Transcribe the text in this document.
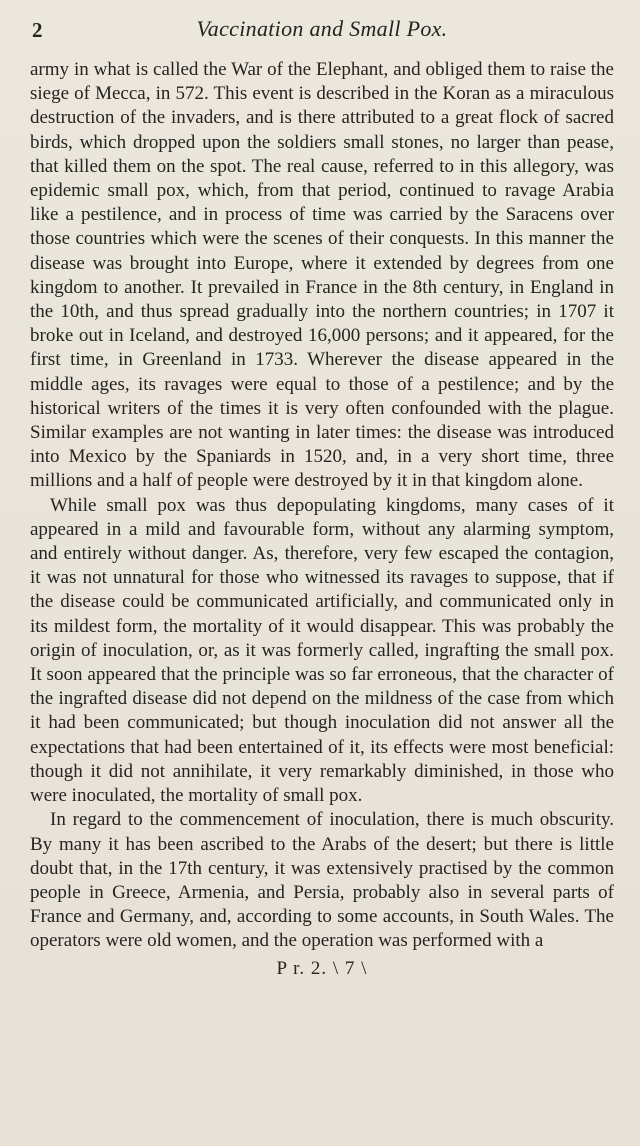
2	Vaccination and Small Pox.

army in what is called the War of the Elephant, and obliged them to raise the siege of Mecca, in 572. This event is described in the Koran as a miraculous destruction of the invaders, and is there attributed to a great flock of sacred birds, which dropped upon the soldiers small stones, no larger than pease, that killed them on the spot. The real cause, referred to in this allegory, was epidemic small pox, which, from that period, continued to ravage Arabia like a pestilence, and in process of time was carried by the Saracens over those countries which were the scenes of their conquests. In this manner the disease was brought into Europe, where it extended by degrees from one kingdom to another. It prevailed in France in the 8th century, in England in the 10th, and thus spread gradually into the northern countries; in 1707 it broke out in Iceland, and destroyed 16,000 persons; and it appeared, for the first time, in Greenland in 1733. Wherever the disease appeared in the middle ages, its ravages were equal to those of a pestilence; and by the historical writers of the times it is very often confounded with the plague. Similar examples are not wanting in later times: the disease was introduced into Mexico by the Spaniards in 1520, and, in a very short time, three millions and a half of people were destroyed by it in that kingdom alone.

While small pox was thus depopulating kingdoms, many cases of it appeared in a mild and favourable form, without any alarming symptom, and entirely without danger. As, therefore, very few escaped the contagion, it was not unnatural for those who witnessed its ravages to suppose, that if the disease could be communicated artificially, and communicated only in its mildest form, the mortality of it would disappear. This was probably the origin of inoculation, or, as it was formerly called, ingrafting the small pox. It soon appeared that the principle was so far erroneous, that the character of the ingrafted disease did not depend on the mildness of the case from which it had been communicated; but though inoculation did not answer all the expectations that had been entertained of it, its effects were most beneficial: though it did not annihilate, it very remarkably diminished, in those who were inoculated, the mortality of small pox.

In regard to the commencement of inoculation, there is much obscurity. By many it has been ascribed to the Arabs of the desert; but there is little doubt that, in the 17th century, it was extensively practised by the common people in Greece, Armenia, and Persia, probably also in several parts of France and Germany, and, according to some accounts, in South Wales. The operators were old women, and the operation was performed with a

P r. 2. \ 7 \
